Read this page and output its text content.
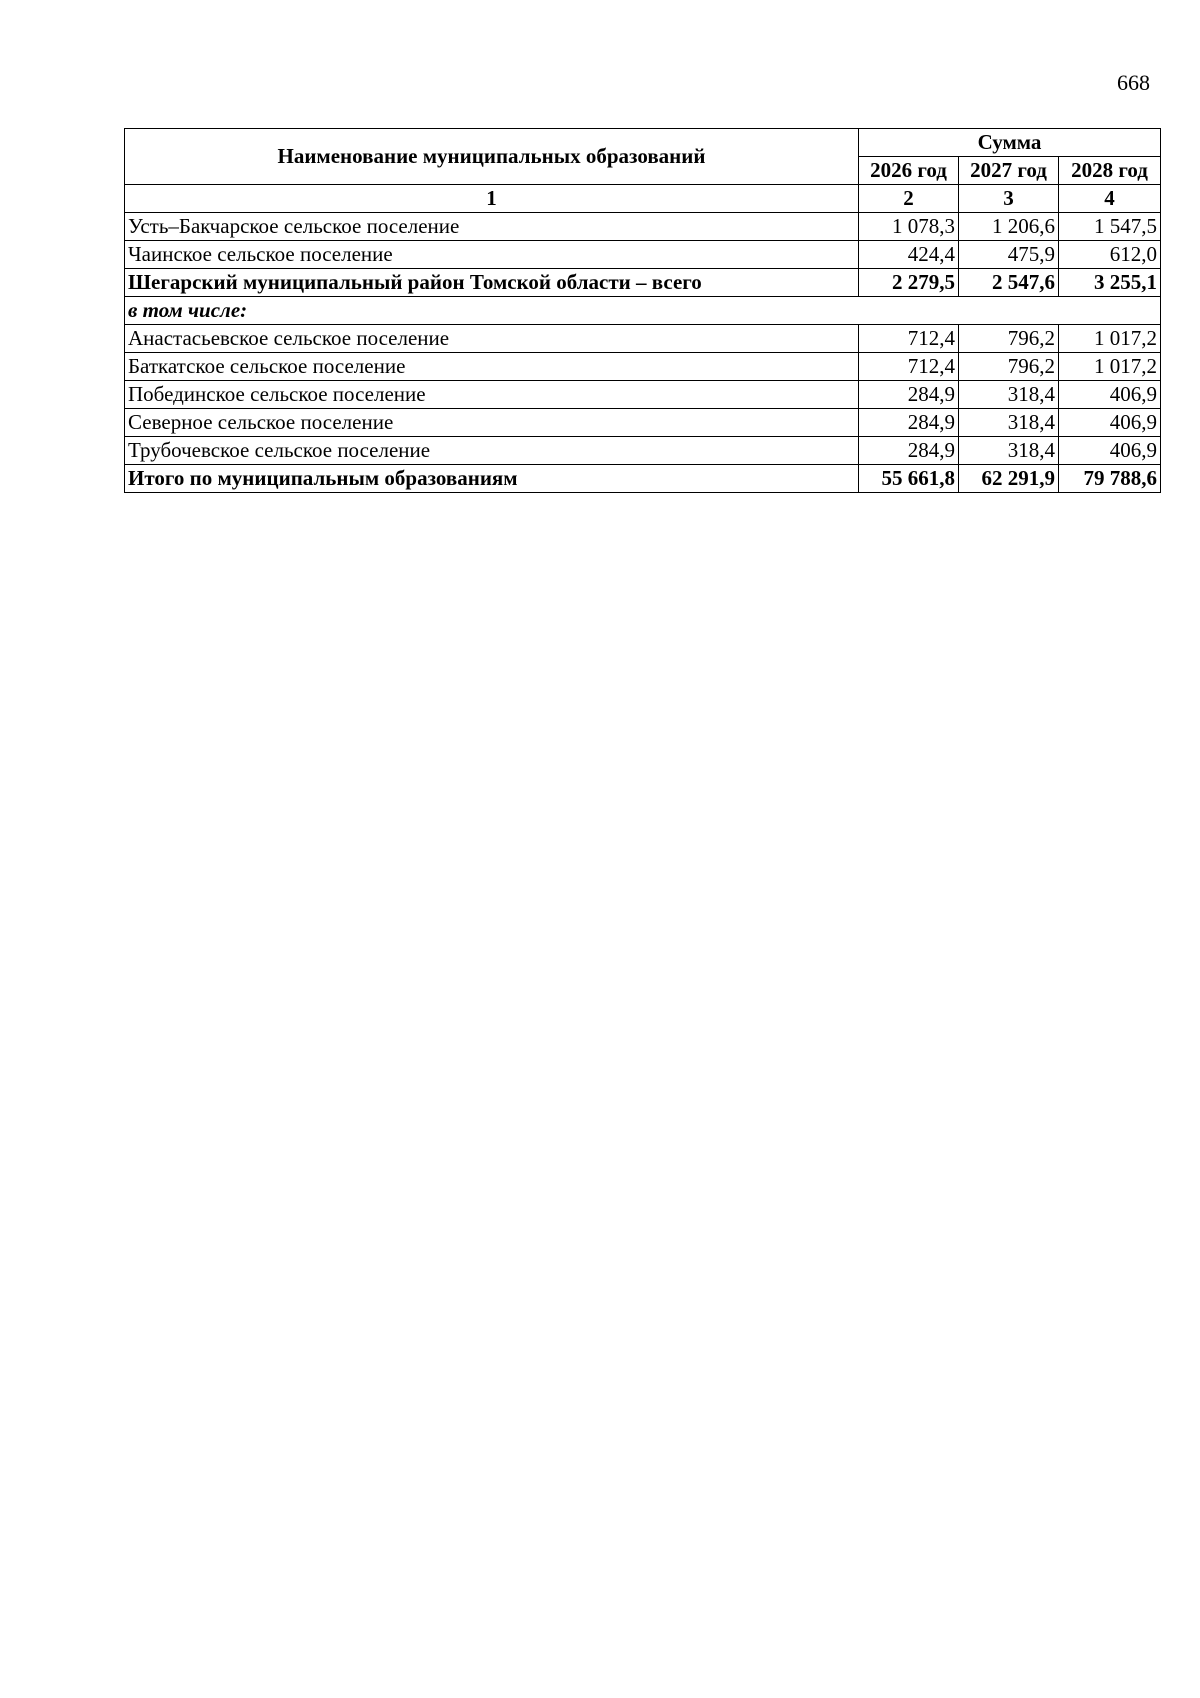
668
Наименование муниципальных образований	Сумма		
	2026 год	2027 год	2028 год
1	2	3	4
Усть–Бакчарское сельское поселение	1 078,3	1 206,6	1 547,5
Чаинское сельское поселение	424,4	475,9	612,0
Шегарский муниципальный район Томской области – всего	2 279,5	2 547,6	3 255,1
в том числе:			
Анастасьевское сельское поселение	712,4	796,2	1 017,2
Баткатское сельское поселение	712,4	796,2	1 017,2
Побединское сельское поселение	284,9	318,4	406,9
Северное сельское поселение	284,9	318,4	406,9
Трубочевское сельское поселение	284,9	318,4	406,9
Итого по муниципальным образованиям	55 661,8	62 291,9	79 788,6
